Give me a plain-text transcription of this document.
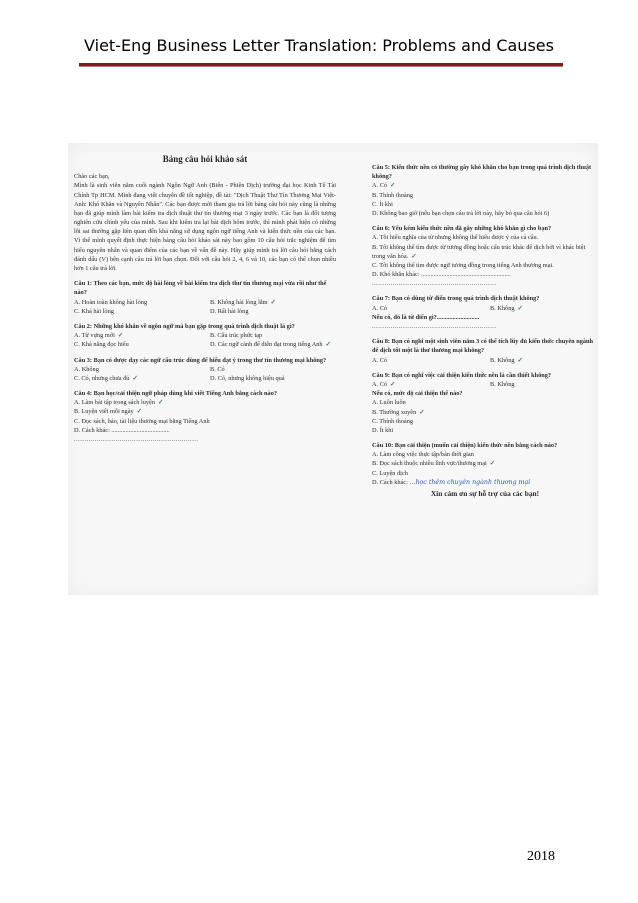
Viet-Eng Business Letter Translation: Problems and Causes
Bảng câu hỏi khảo sát

Chào các bạn,

Mình là sinh viên năm cuối ngành Ngôn Ngữ Anh (Biên - Phiên Dịch) trường đại học Kinh Tế Tài Chính Tp HCM. Mình đang viết chuyên đề tốt nghiệp, đề tài: "Dịch Thuật Thư Tín Thương Mại Việt-Anh: Khó Khăn và Nguyên Nhân". Các bạn được mời tham gia trả lời bảng câu hỏi này cũng là những bạn đã giúp mình làm bài kiểm tra dịch thuật thư tín thương mại 3 ngày trước. Các bạn là đối tượng nghiên cứu chính yếu của mình. Sau khi kiểm tra lại bài dịch hôm trước, thì mình phát hiện có những lỗi sai thường gặp liên quan đến khả năng sử dụng ngôn ngữ tiếng Anh và kiến thức nền của các bạn. Vì thế mình quyết định thực hiện bảng câu hỏi khảo sát này bao gồm 10 câu hỏi trắc nghiệm để tìm hiểu nguyên nhân và quan điểm của các bạn về vấn đề này. Hãy giúp mình trả lời câu hỏi bằng cách đánh dấu (V) bên cạnh câu trả lời bạn chọn. Đối với câu hỏi 2, 4, 6 và 10, các bạn có thể chọn nhiều hơn 1 câu trả lời.

Câu 1: Theo các bạn, mức độ hài lòng về bài kiểm tra dịch thư tín thương mại vừa rồi như thế nào?
A. Hoàn toàn không hài lòng	B. Không hài lòng lắm ✓
C. Khá hài lòng	D. Rất hài lòng
Câu 2: Những khó khăn về ngôn ngữ mà bạn gặp trong quá trình dịch thuật là gì?
A. Từ vựng mới ✓	B. Cấu trúc phức tạp
C. Khả năng đọc hiểu	D. Các ngữ cảnh để diễn đạt trong tiếng Anh ✓
Câu 3: Bạn có được dạy các ngữ cấu trúc dùng để hiểu đạt ý trong thư tín thương mại không?
A. Không	B. Có
C. Có, nhưng chưa đủ ✓	D. Có, nhưng không hiệu quả
Câu 4: Bạn học/cải thiện ngữ pháp dùng khi viết Tiếng Anh bằng cách nào?
A. Làm bài tập trong sách luyện ✓
B. Luyện viết mỗi ngày ✓
C. Đọc sách, báo, tài liệu thương mại bằng Tiếng Anh
D. Cách khác: .....................................
............................................................
Câu 5: Kiến thức nền có thường gây khó khăn cho bạn trong quá trình dịch thuật không?
A. Có ✓
B. Thỉnh thoảng
C. Ít khi
D. Không bao giờ (nếu bạn chọn câu trả lời này, hãy bỏ qua câu hỏi 6)
Câu 6: Yếu kém kiến thức nền đã gây những khó khăn gì cho bạn?
A. Tôi hiểu nghĩa của từ nhưng không thể hiểu được ý của cả câu.
B. Tôi không thể tìm được từ tương đồng hoặc cấu trúc khác để dịch bởi vì khác biệt trong văn hóa. ✓
C. Tôi không thể tìm được ngữ tương đồng trong tiếng Anh thương mại.
D. Khó khăn khác: .........................................................
............................................................
Câu 7: Bạn có dùng từ điển trong quá trình dịch thuật không?
A. Có	B. Không ✓
Nếu có, đó là từ điển gì?...........................
............................................................
Câu 8: Bạn có nghĩ một sinh viên năm 3 có thể tích lũy đủ kiến thức chuyên ngành để dịch tốt một là thư thương mại không?
A. Có	B. Không ✓
Câu 9: Bạn có nghĩ việc cải thiện kiến thức nền là cần thiết không?
A. Có ✓	B. Không
Nếu có, mức độ cải thiện thế nào?
A. Luôn luôn
B. Thường xuyên ✓
C. Thỉnh thoảng
D. Ít khi
Câu 10: Bạn cải thiện (muốn cải thiện) kiến thức nền bằng cách nào?
A. Làm công việc thực tập/bán thời gian
B. Đọc sách thuộc nhiều lĩnh vực/thương mại ✓
C. Luyện dịch
D. Cách khác: ...học thêm chuyên ngành thương mại
Xin cảm ơn sự hỗ trợ của các bạn!
2018
